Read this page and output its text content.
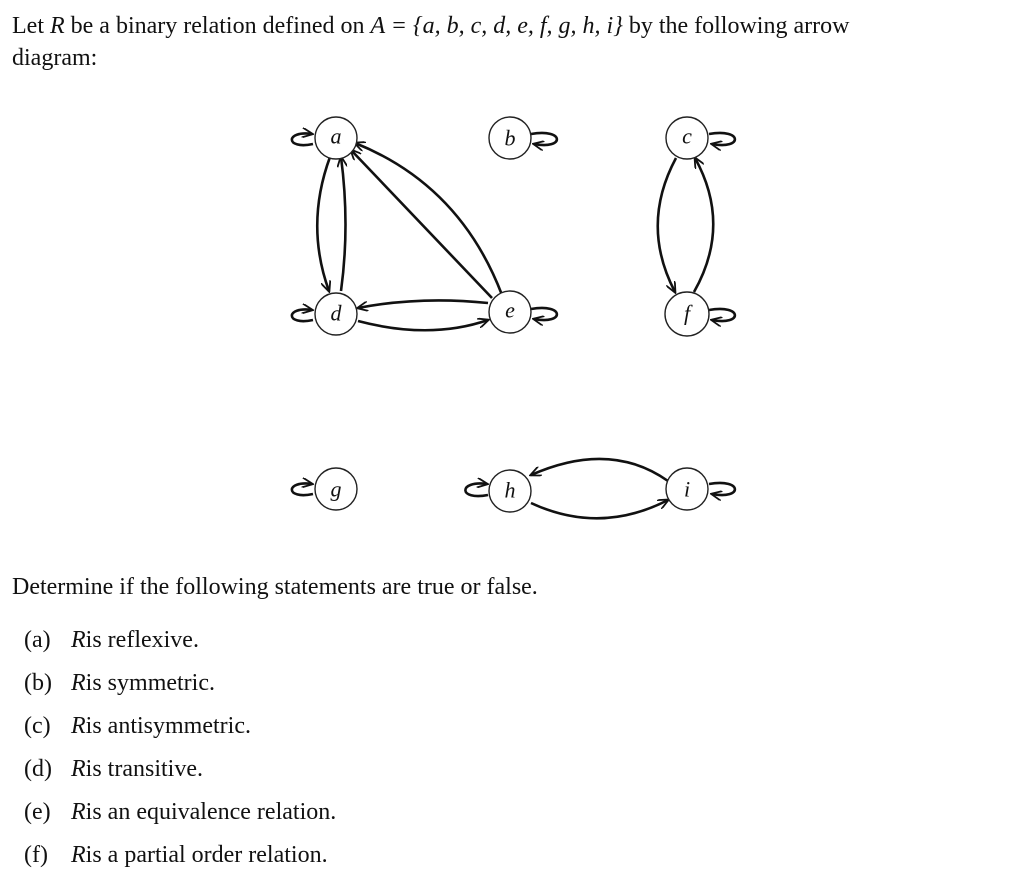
Let R be a binary relation defined on A = {a, b, c, d, e, f, g, h, i} by the following arrow
diagram:
a	b	c
d	e	f
g	h	i
Determine if the following statements are true or false.
(a) R is reflexive.
(b) R is symmetric.
(c) R is antisymmetric.
(d) R is transitive.
(e) R is an equivalence relation.
(f) R is a partial order relation.
